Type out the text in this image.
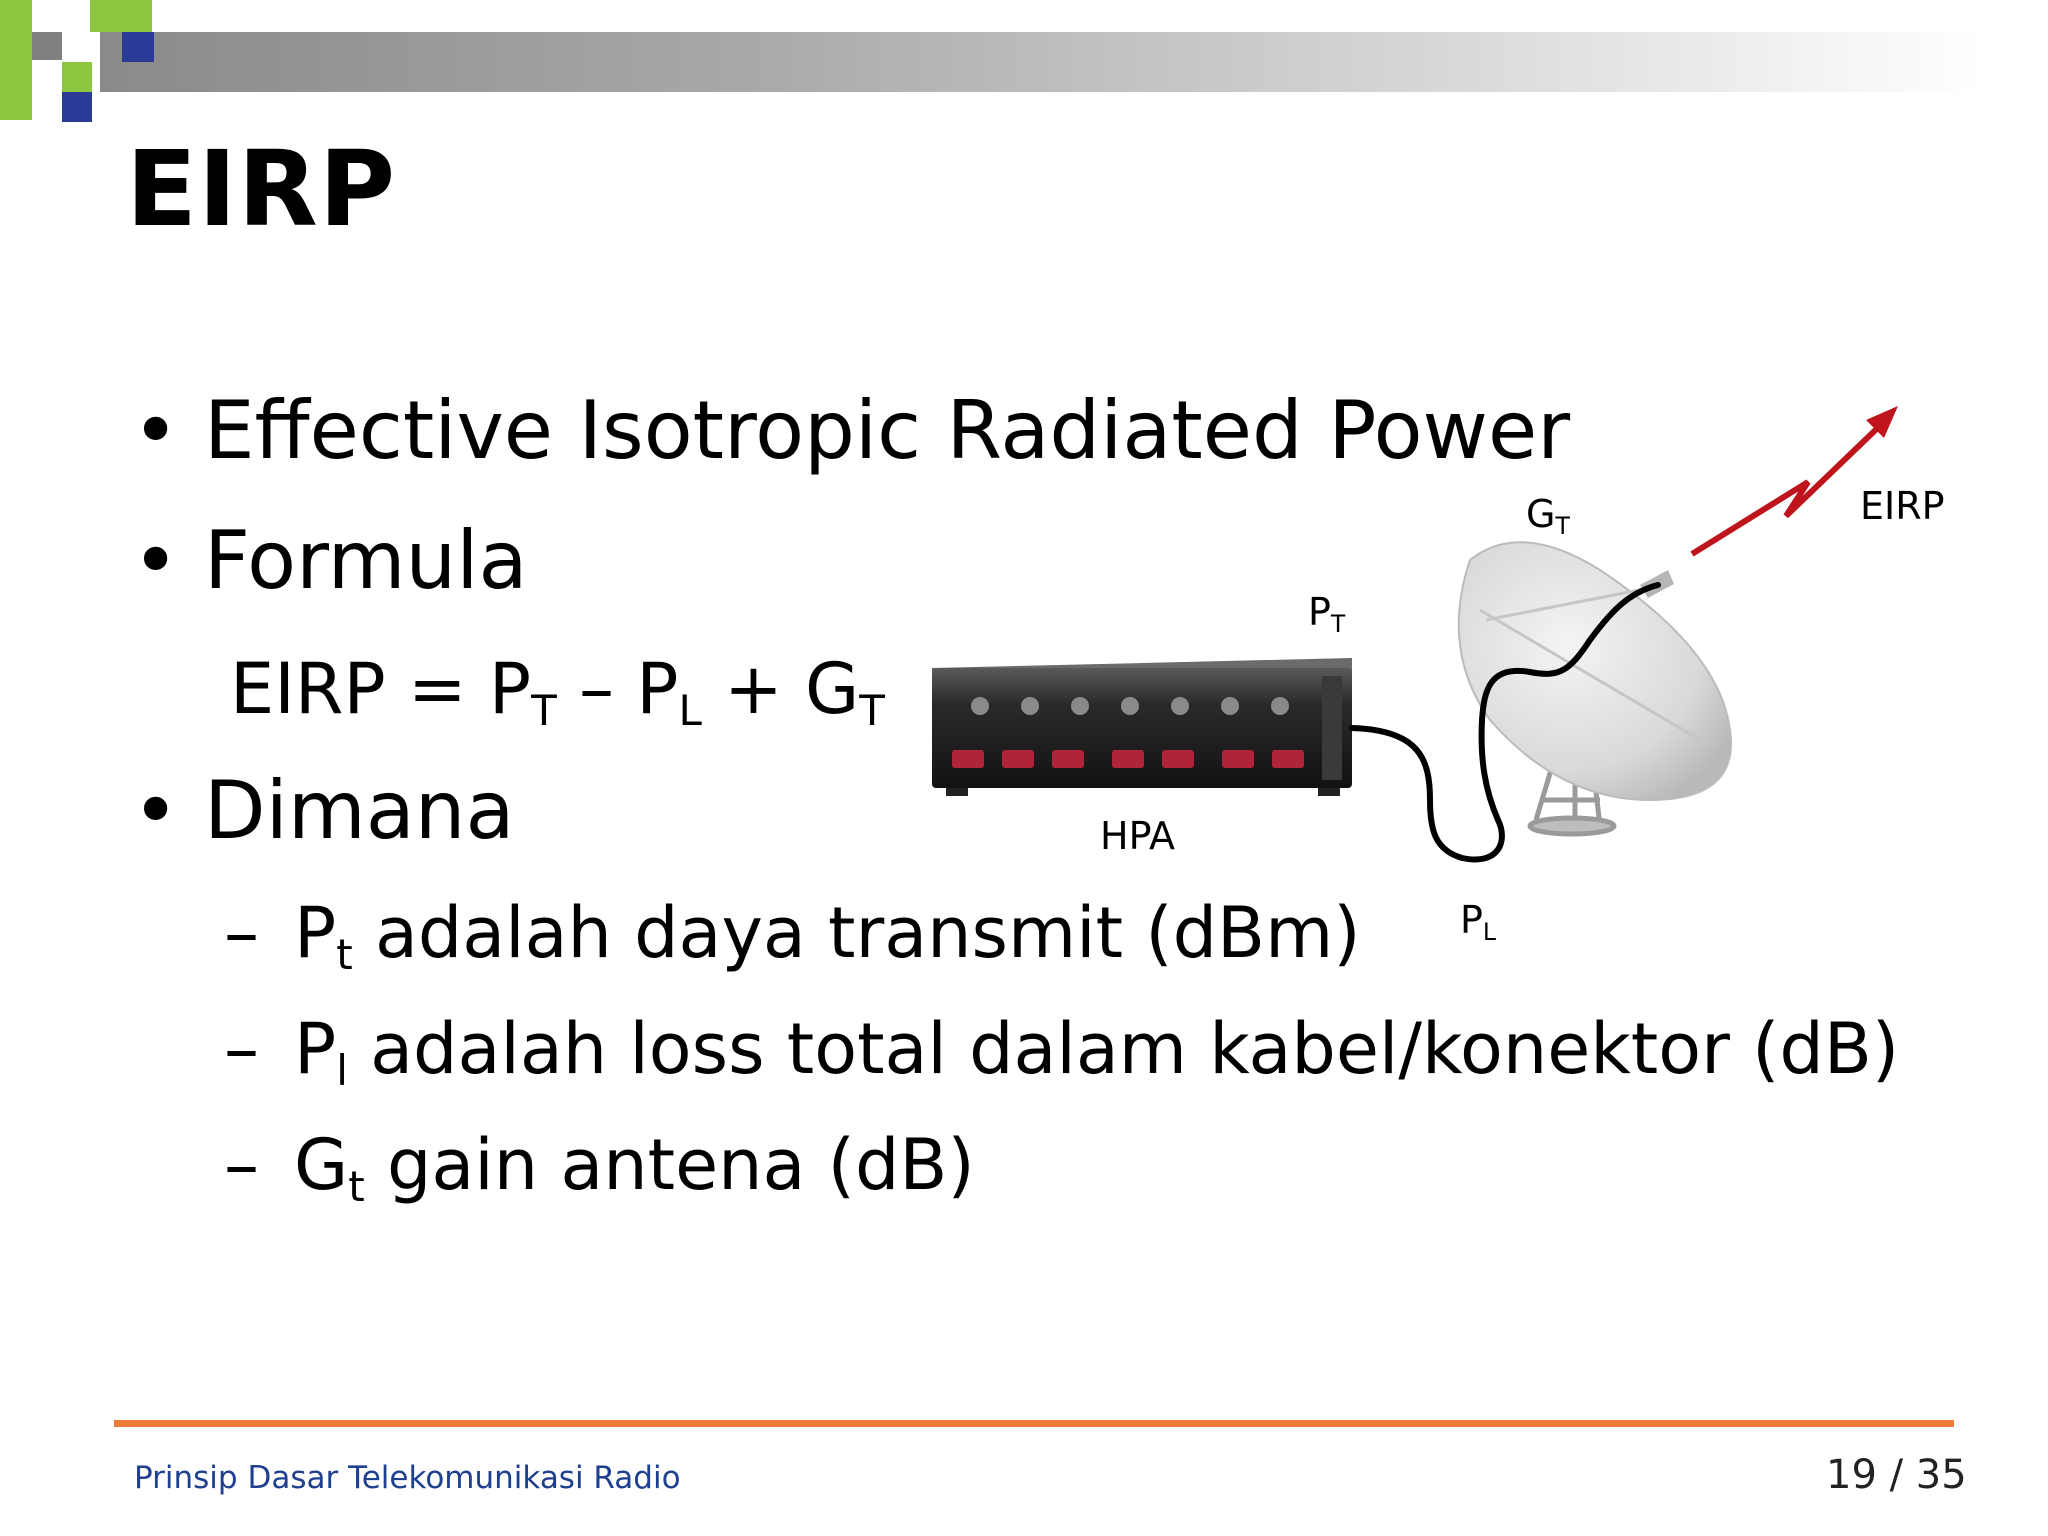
EIRP
• Effective Isotropic Radiated Power
• Formula
EIRP = PT – PL + GT
• Dimana
– Pt adalah daya transmit (dBm)
– Pl adalah loss total dalam kabel/konektor (dB)
– Gt gain antena (dB)
GT
PT
PL
EIRP
HPA
Prinsip Dasar Telekomunikasi Radio	19 / 35
